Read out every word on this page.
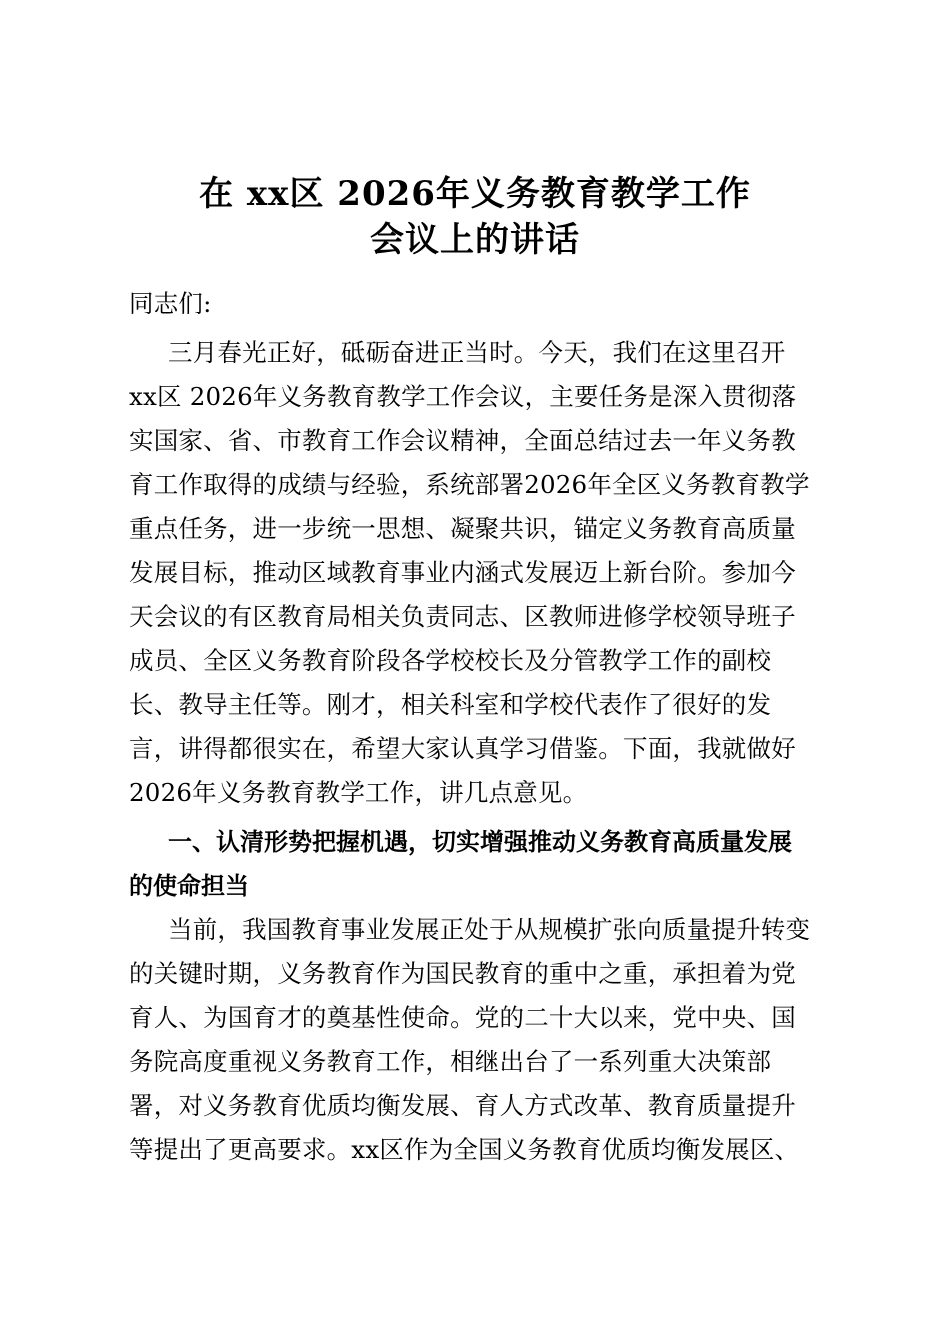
在 xx区 2026年义务教育教学工作
会议上的讲话
同志们:
三月春光正好，砥砺奋进正当时。今天，我们在这里召开
xx区 2026年义务教育教学工作会议，主要任务是深入贯彻落
实国家、省、市教育工作会议精神，全面总结过去一年义务教
育工作取得的成绩与经验，系统部署2026年全区义务教育教学
重点任务，进一步统一思想、凝聚共识，锚定义务教育高质量
发展目标，推动区域教育事业内涵式发展迈上新台阶。参加今
天会议的有区教育局相关负责同志、区教师进修学校领导班子
成员、全区义务教育阶段各学校校长及分管教学工作的副校
长、教导主任等。刚才，相关科室和学校代表作了很好的发
言，讲得都很实在，希望大家认真学习借鉴。下面，我就做好
2026年义务教育教学工作，讲几点意见。
一、认清形势把握机遇，切实增强推动义务教育高质量发展
的使命担当
当前，我国教育事业发展正处于从规模扩张向质量提升转变
的关键时期，义务教育作为国民教育的重中之重，承担着为党
育人、为国育才的奠基性使命。党的二十大以来，党中央、国
务院高度重视义务教育工作，相继出台了一系列重大决策部
署，对义务教育优质均衡发展、育人方式改革、教育质量提升
等提出了更高要求。xx区作为全国义务教育优质均衡发展区、
